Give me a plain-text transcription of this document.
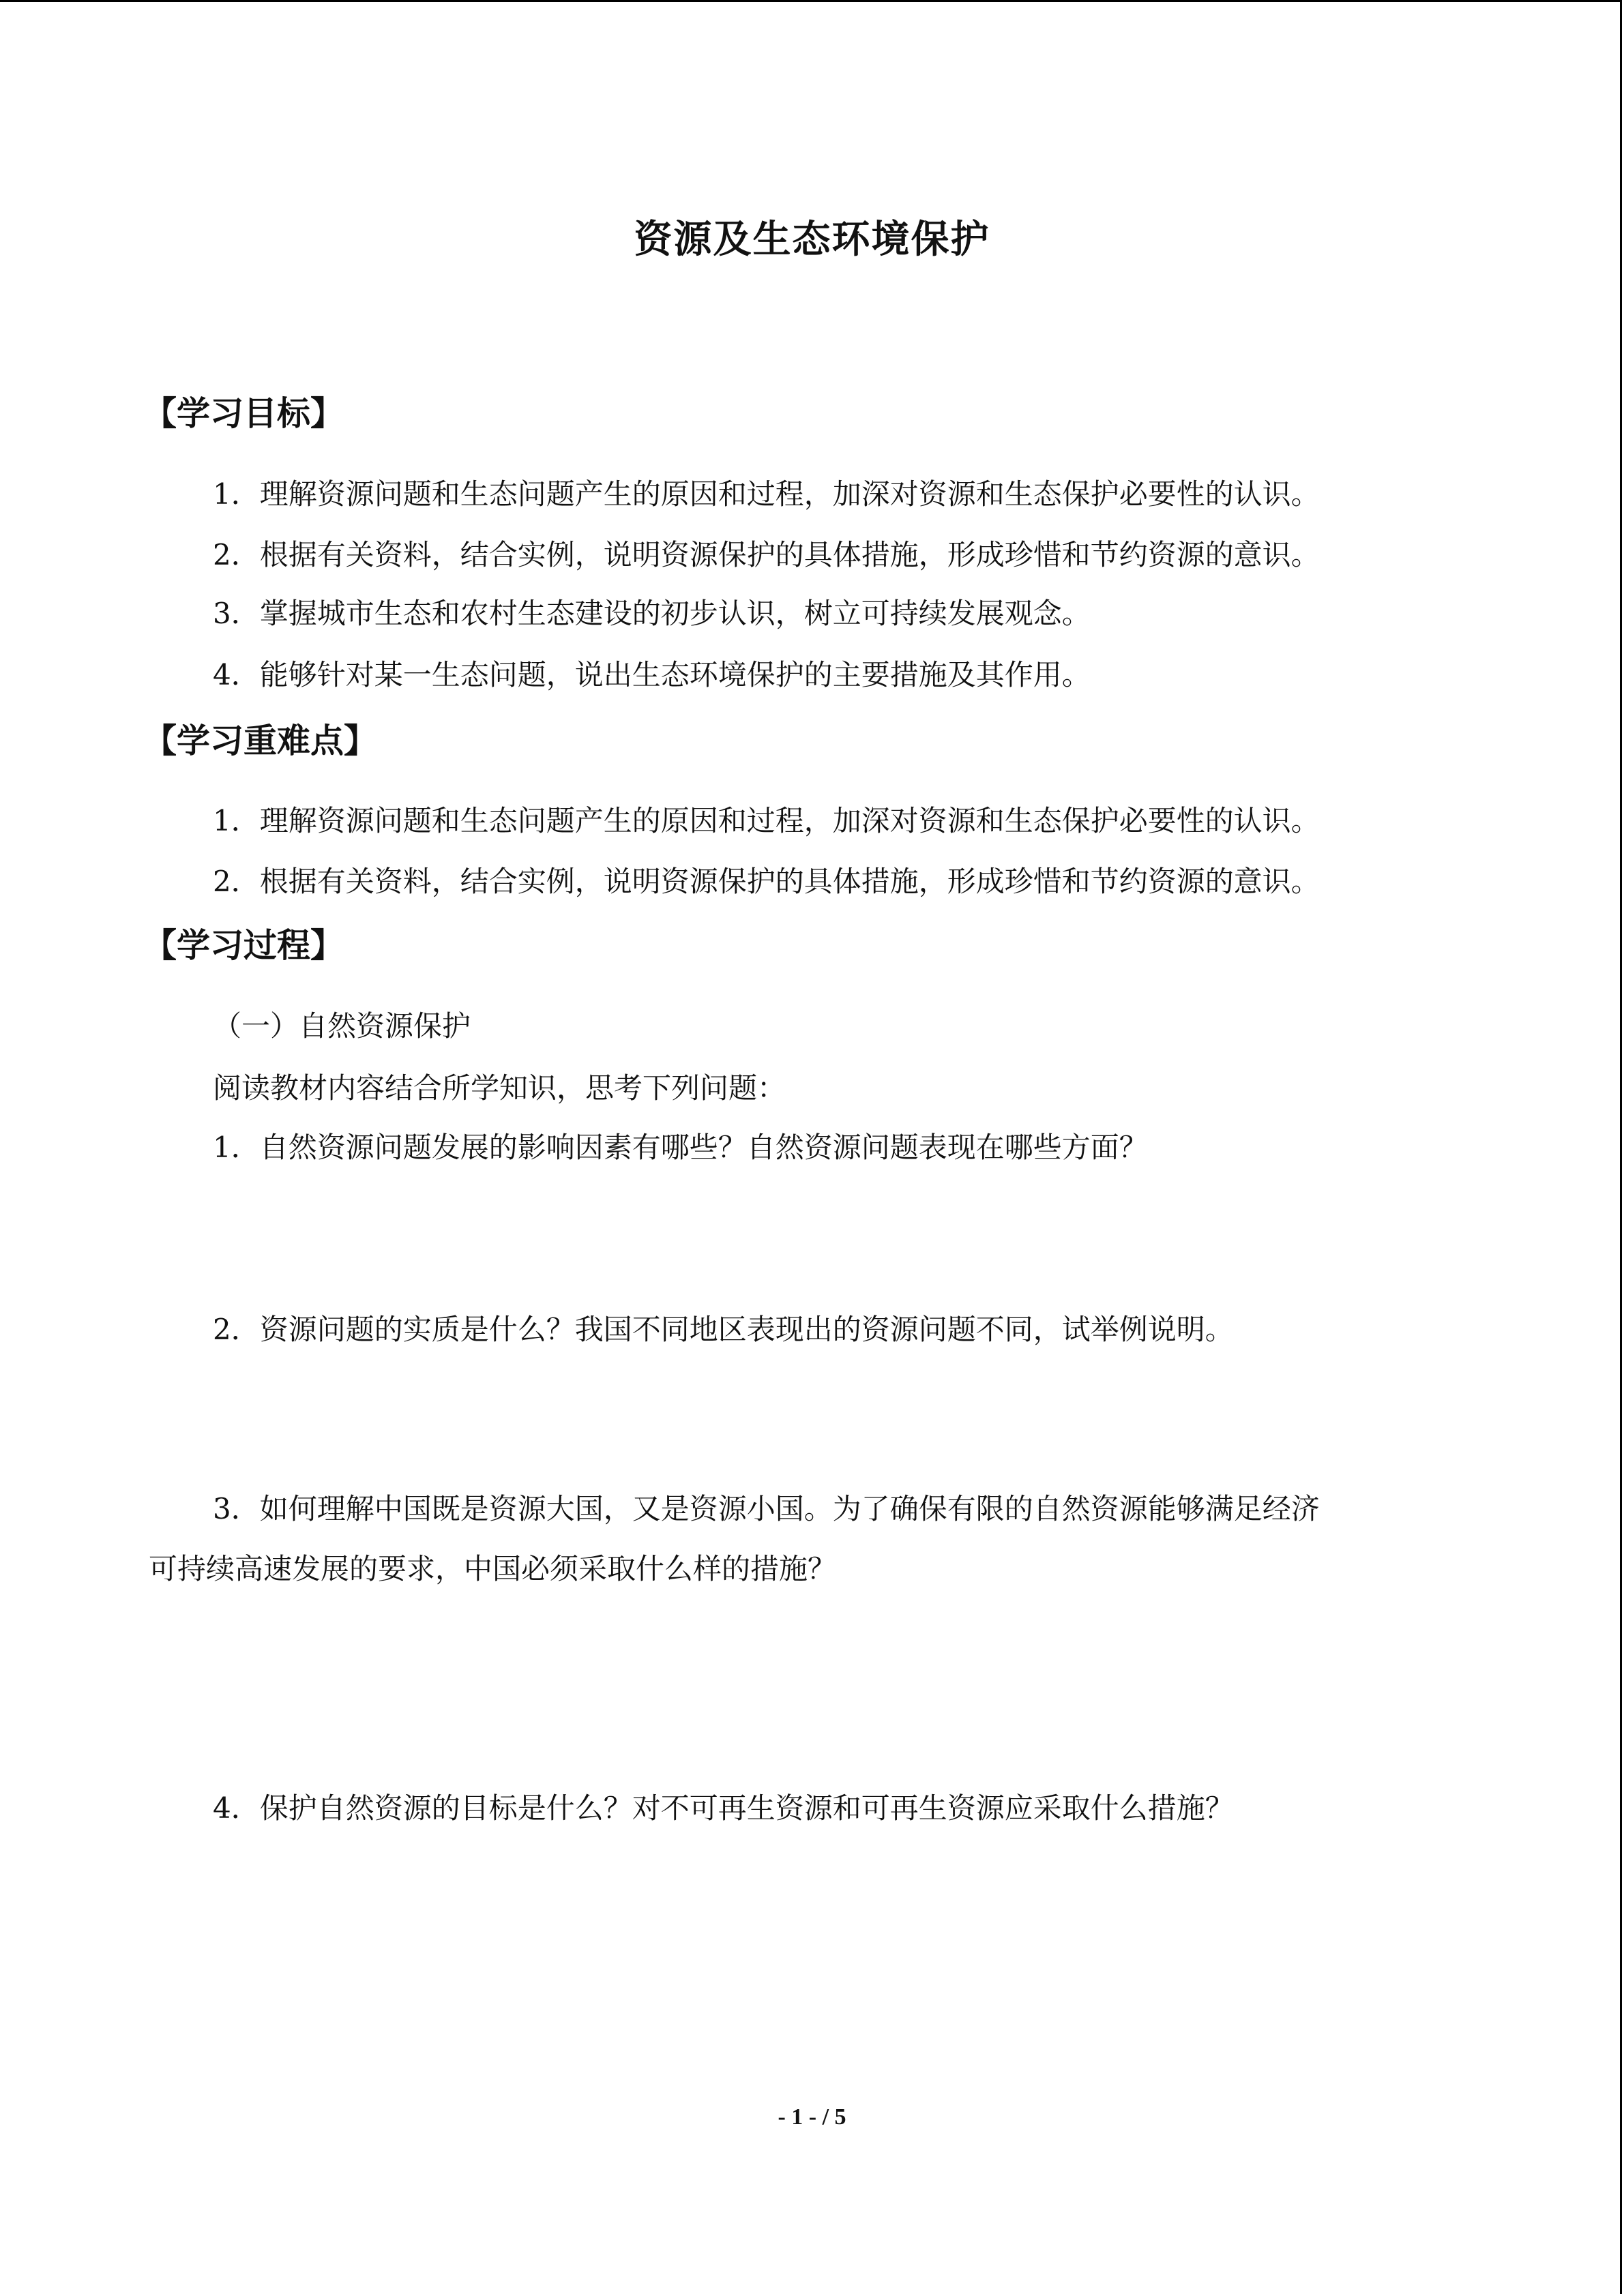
资源及生态环境保护
【学习目标】
1．理解资源问题和生态问题产生的原因和过程，加深对资源和生态保护必要性的认识。
2．根据有关资料，结合实例，说明资源保护的具体措施，形成珍惜和节约资源的意识。
3．掌握城市生态和农村生态建设的初步认识，树立可持续发展观念。
4．能够针对某一生态问题，说出生态环境保护的主要措施及其作用。
【学习重难点】
1．理解资源问题和生态问题产生的原因和过程，加深对资源和生态保护必要性的认识。
2．根据有关资料，结合实例，说明资源保护的具体措施，形成珍惜和节约资源的意识。
【学习过程】
（一）自然资源保护
阅读教材内容结合所学知识，思考下列问题：
1．自然资源问题发展的影响因素有哪些？自然资源问题表现在哪些方面？
2．资源问题的实质是什么？我国不同地区表现出的资源问题不同，试举例说明。
3．如何理解中国既是资源大国，又是资源小国。为了确保有限的自然资源能够满足经济
可持续高速发展的要求，中国必须采取什么样的措施？
4．保护自然资源的目标是什么？对不可再生资源和可再生资源应采取什么措施？
- 1 - / 5
